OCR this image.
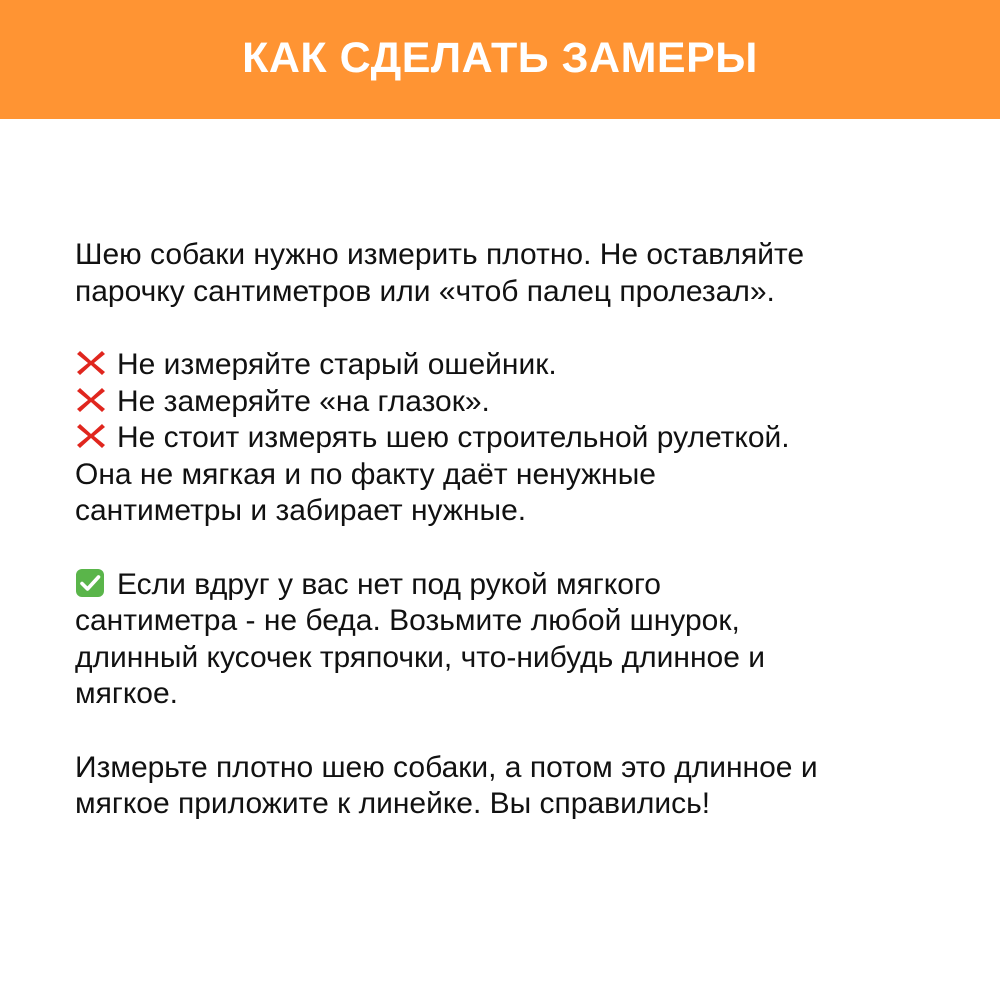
КАК СДЕЛАТЬ ЗАМЕРЫ

Шею собаки нужно измерить плотно. Не оставляйте
парочку сантиметров или «чтоб палец пролезал».

Не измеряйте старый ошейник.
Не замеряйте «на глазок».
Не стоит измерять шею строительной рулеткой.
Она не мягкая и по факту даёт ненужные
сантиметры и забирает нужные.

Если вдруг у вас нет под рукой мягкого
сантиметра - не беда. Возьмите любой шнурок,
длинный кусочек тряпочки, что-нибудь длинное и
мягкое.

Измерьте плотно шею собаки, а потом это длинное и
мягкое приложите к линейке. Вы справились!
